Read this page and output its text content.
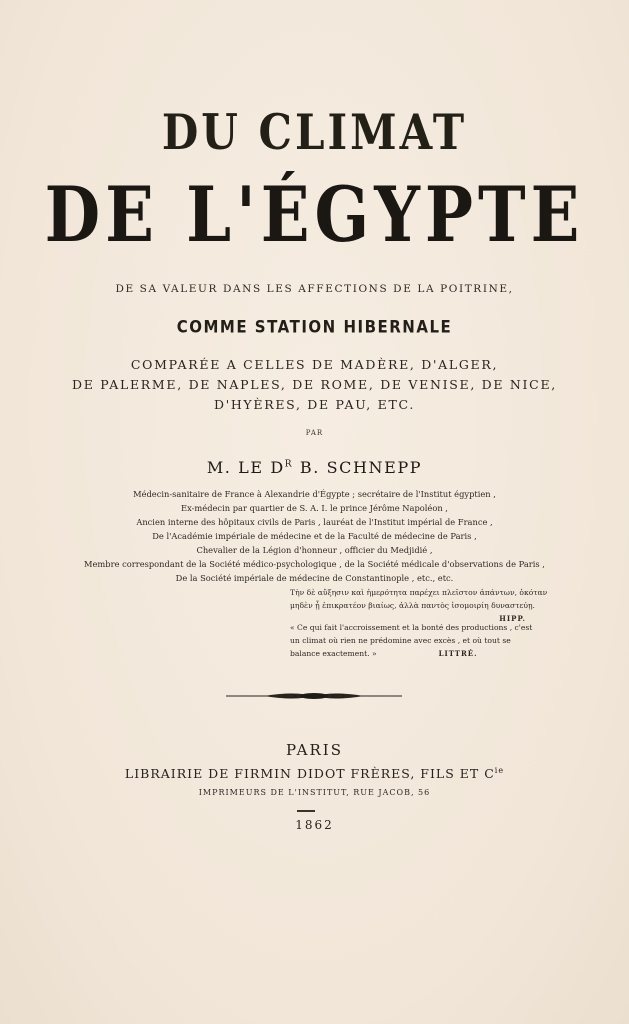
DU CLIMAT
DE L'ÉGYPTE
DE SA VALEUR DANS LES AFFECTIONS DE LA POITRINE,
COMME STATION HIBERNALE
COMPARÉE A CELLES DE MADÈRE, D'ALGER,
DE PALERME, DE NAPLES, DE ROME, DE VENISE, DE NICE,
D'HYÈRES, DE PAU, ETC.
PAR
M. LE $D^R$ B. SCHNEPP
Médecin-sanitaire de France à Alexandrie d'Égypte ; secrétaire de l'Institut égyptien ,
Ex-médecin par quartier de S. A. I. le prince Jérôme Napoléon ,
Ancien interne des hôpitaux civils de Paris , lauréat de l'Institut impérial de France ,
De l'Académie impériale de médecine et de la Faculté de médecine de Paris ,
Chevalier de la Légion d'honneur , officier du Medjidié ,
Membre correspondant de la Société médico-psychologique , de la Société médicale d'observations de Paris ,
De la Société impériale de médecine de Constantinople , etc., etc.
Τὴν δὲ αὔξησιν καὶ ἡμερότητα παρέχει πλεῖστον ἁπάντων, ὁκόταν
μηδὲν ᾖ ἐπικρατέον βιαίως, ἀλλὰ παντὸς ἰσομοιρίη δυναστεύῃ.
HIPP.
« Ce qui fait l'accroissement et la bonté des productions , c'est
un climat où rien ne prédomine avec excès , et où tout se
balance exactement. »	LITTRÉ.
PARIS
LIBRAIRIE DE FIRMIN DIDOT FRÈRES, FILS ET $C^{ie}$
IMPRIMEURS DE L'INSTITUT, RUE JACOB, 56
1862
